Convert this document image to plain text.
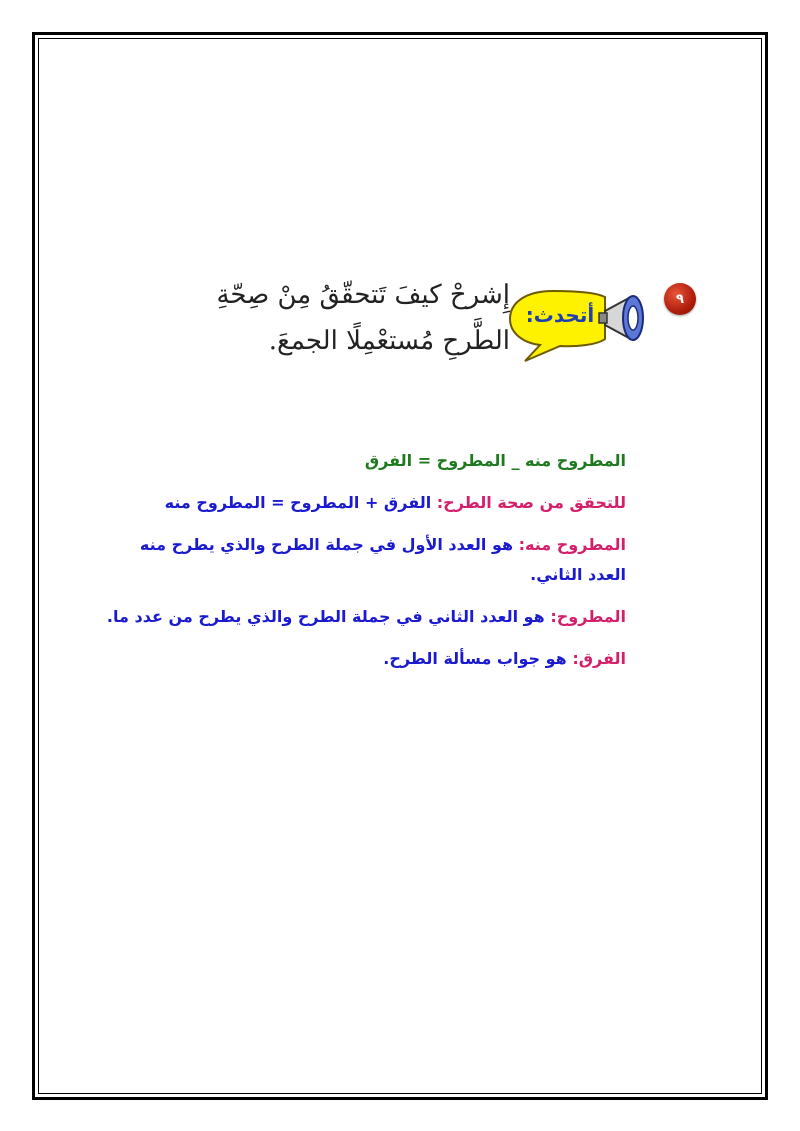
٩
أتحدث:
إِشرحْ كيفَ تَتحقّقُ مِنْ صِحّةِ
الطَّرحِ مُستعْمِلًا الجمعَ.

المطروح منه _ المطروح = الفرق

للتحقق من صحة الطرح: الفرق + المطروح = المطروح منه

المطروح منه: هو العدد الأول في جملة الطرح والذي يطرح منه العدد الثاني.

المطروح: هو العدد الثاني في جملة الطرح والذي يطرح من عدد ما.

الفرق: هو جواب مسألة الطرح.
